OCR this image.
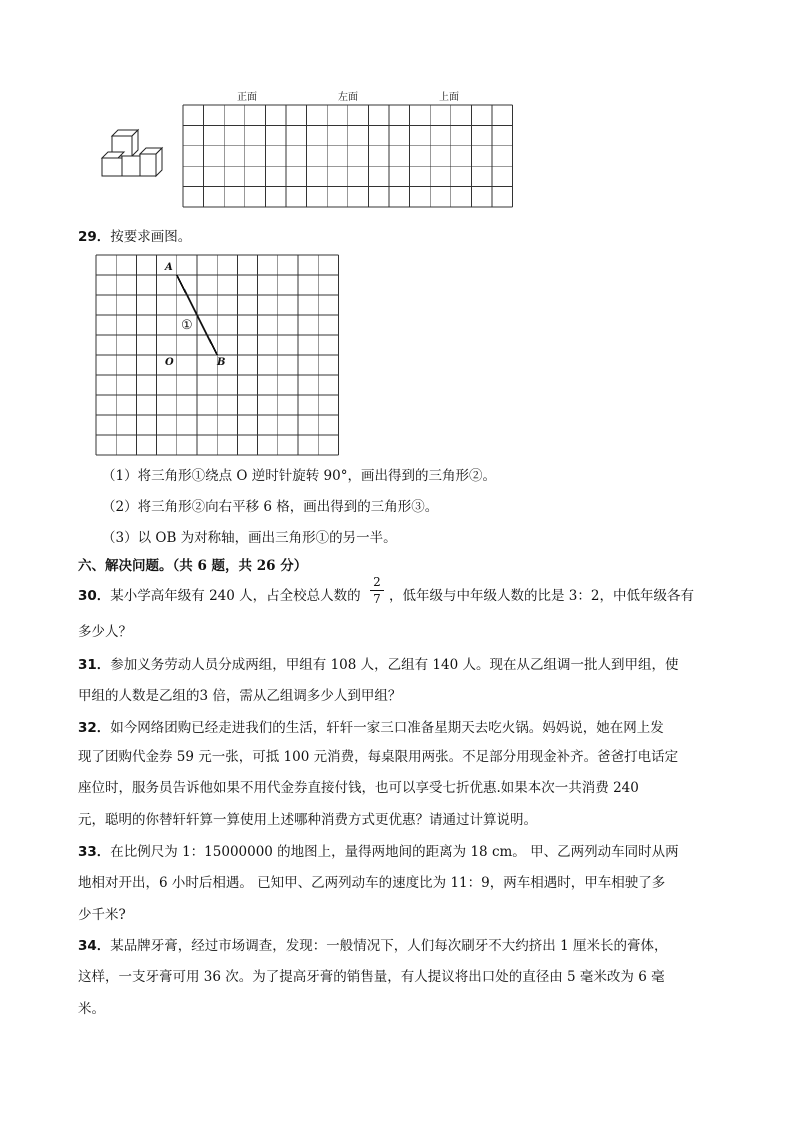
正面	左面	上面
29．按要求画图。
A
O	B
①
（1）将三角形①绕点 O 逆时针旋转 90°，画出得到的三角形②。
（2）将三角形②向右平移 6 格，画出得到的三角形③。
（3）以 OB 为对称轴，画出三角形①的另一半。
六、解决问题。（共 6 题，共 26 分）
30．某小学高年级有 240 人，占全校总人数的
2
7 ，低年级与中年级人数的比是 3：2，中低年级各有
多少人？
31．参加义务劳动人员分成两组，甲组有 108 人，乙组有 140 人。现在从乙组调一批人到甲组，使
甲组的人数是乙组的3 倍，需从乙组调多少人到甲组？
32．如今网络团购已经走进我们的生活，轩轩一家三口准备星期天去吃火锅。妈妈说，她在网上发
现了团购代金券 59 元一张，可抵 100 元消费，每桌限用两张。不足部分用现金补齐。爸爸打电话定
座位时，服务员告诉他如果不用代金券直接付钱，也可以享受七折优惠.如果本次一共消费 240
元，聪明的你替轩轩算一算使用上述哪种消费方式更优惠？请通过计算说明。
33．在比例尺为 1：15000000 的地图上，量得两地间的距离为 18 cm。 甲、乙两列动车同时从两
地相对开出，6 小时后相遇。 已知甲、乙两列动车的速度比为 11：9，两车相遇时，甲车相驶了多
少千米?
34．某品牌牙膏，经过市场调查，发现：一般情况下，人们每次刷牙不大约挤出 1 厘米长的膏体，
这样，一支牙膏可用 36 次。为了提高牙膏的销售量，有人提议将出口处的直径由 5 毫米改为 6 毫
米。
